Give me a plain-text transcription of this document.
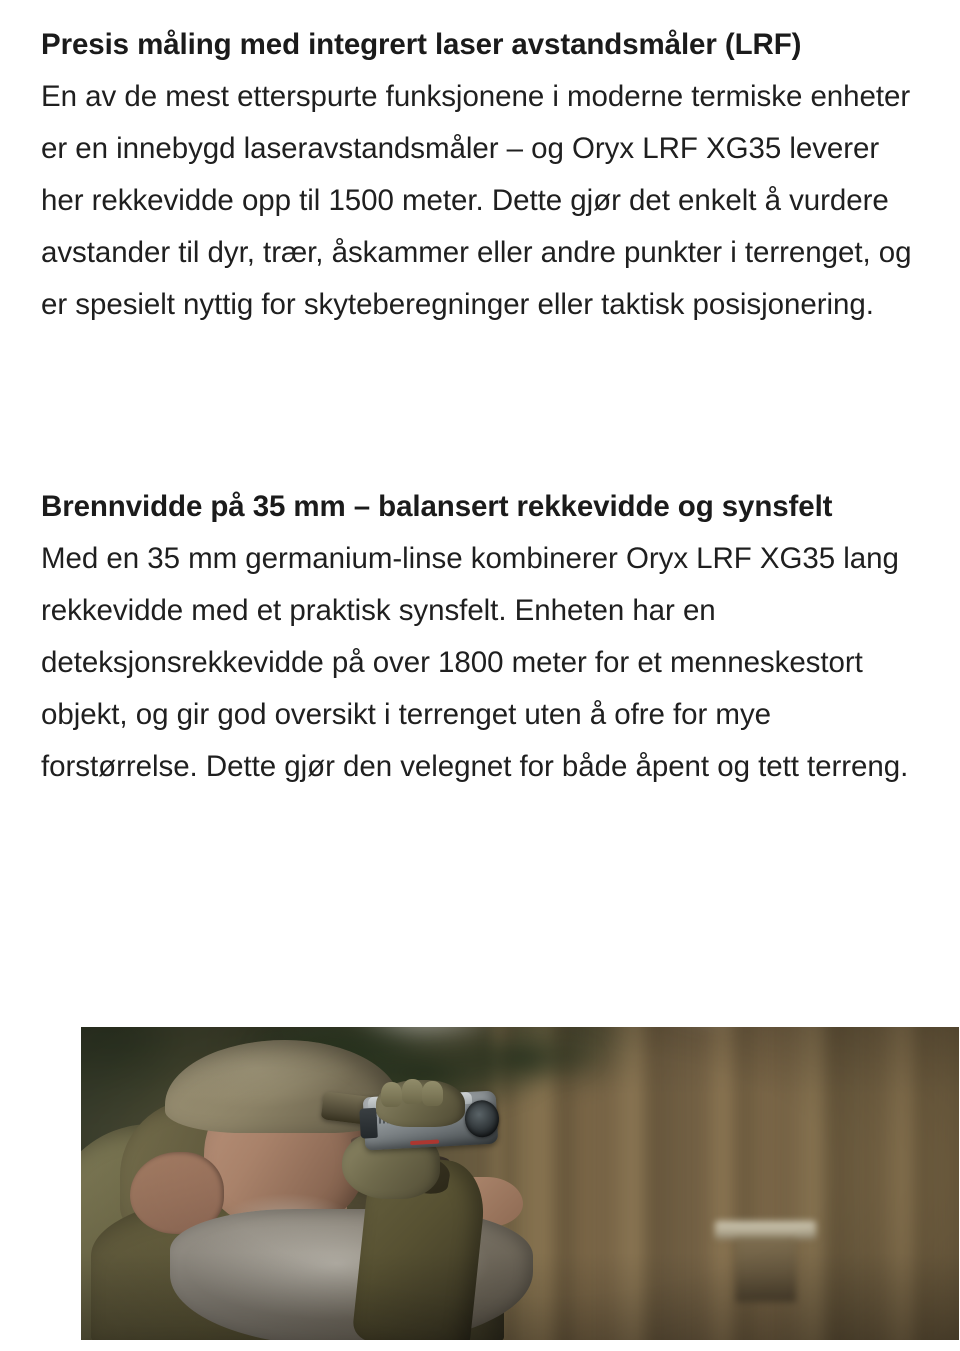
Presis måling med integrert laser avstandsmåler (LRF)

En av de mest etterspurte funksjonene i moderne termiske enheter er en innebygd laseravstandsmåler – og Oryx LRF XG35 leverer her rekkevidde opp til 1500 meter. Dette gjør det enkelt å vurdere avstander til dyr, trær, åskammer eller andre punkter i terrenget, og er spesielt nyttig for skyteberegninger eller taktisk posisjonering.

Brennvidde på 35 mm – balansert rekkevidde og synsfelt

Med en 35 mm germanium-linse kombinerer Oryx LRF XG35 lang rekkevidde med et praktisk synsfelt. Enheten har en deteksjonsrekkevidde på over 1800 meter for et menneskestort objekt, og gir god oversikt i terrenget uten å ofre for mye forstørrelse. Dette gjør den velegnet for både åpent og tett terreng.
